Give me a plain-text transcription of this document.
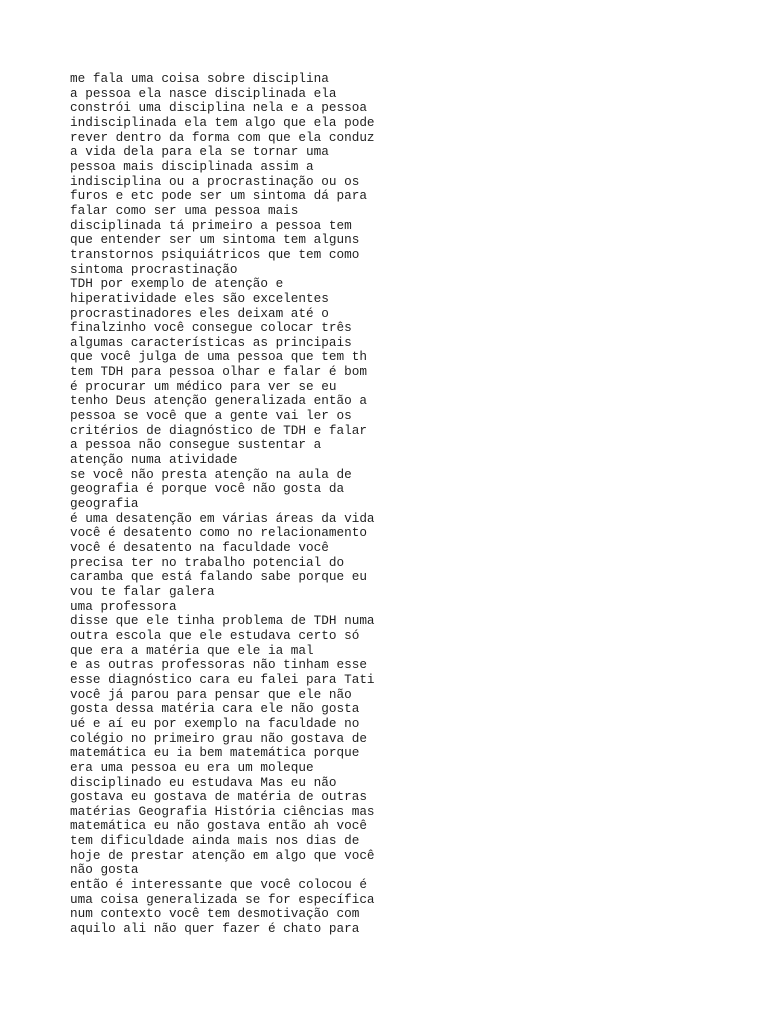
me fala uma coisa sobre disciplina
a pessoa ela nasce disciplinada ela
constrói uma disciplina nela e a pessoa
indisciplinada ela tem algo que ela pode
rever dentro da forma com que ela conduz
a vida dela para ela se tornar uma
pessoa mais disciplinada assim a
indisciplina ou a procrastinação ou os
furos e etc pode ser um sintoma dá para
falar como ser uma pessoa mais
disciplinada tá primeiro a pessoa tem
que entender ser um sintoma tem alguns
transtornos psiquiátricos que tem como
sintoma procrastinação
TDH por exemplo de atenção e
hiperatividade eles são excelentes
procrastinadores eles deixam até o
finalzinho você consegue colocar três
algumas características as principais
que você julga de uma pessoa que tem th
tem TDH para pessoa olhar e falar é bom
é procurar um médico para ver se eu
tenho Deus atenção generalizada então a
pessoa se você que a gente vai ler os
critérios de diagnóstico de TDH e falar
a pessoa não consegue sustentar a
atenção numa atividade
se você não presta atenção na aula de
geografia é porque você não gosta da
geografia
é uma desatenção em várias áreas da vida
você é desatento como no relacionamento
você é desatento na faculdade você
precisa ter no trabalho potencial do
caramba que está falando sabe porque eu
vou te falar galera
uma professora
disse que ele tinha problema de TDH numa
outra escola que ele estudava certo só
que era a matéria que ele ia mal
e as outras professoras não tinham esse
esse diagnóstico cara eu falei para Tati
você já parou para pensar que ele não
gosta dessa matéria cara ele não gosta
ué e aí eu por exemplo na faculdade no
colégio no primeiro grau não gostava de
matemática eu ia bem matemática porque
era uma pessoa eu era um moleque
disciplinado eu estudava Mas eu não
gostava eu gostava de matéria de outras
matérias Geografia História ciências mas
matemática eu não gostava então ah você
tem dificuldade ainda mais nos dias de
hoje de prestar atenção em algo que você
não gosta
então é interessante que você colocou é
uma coisa generalizada se for específica
num contexto você tem desmotivação com
aquilo ali não quer fazer é chato para
